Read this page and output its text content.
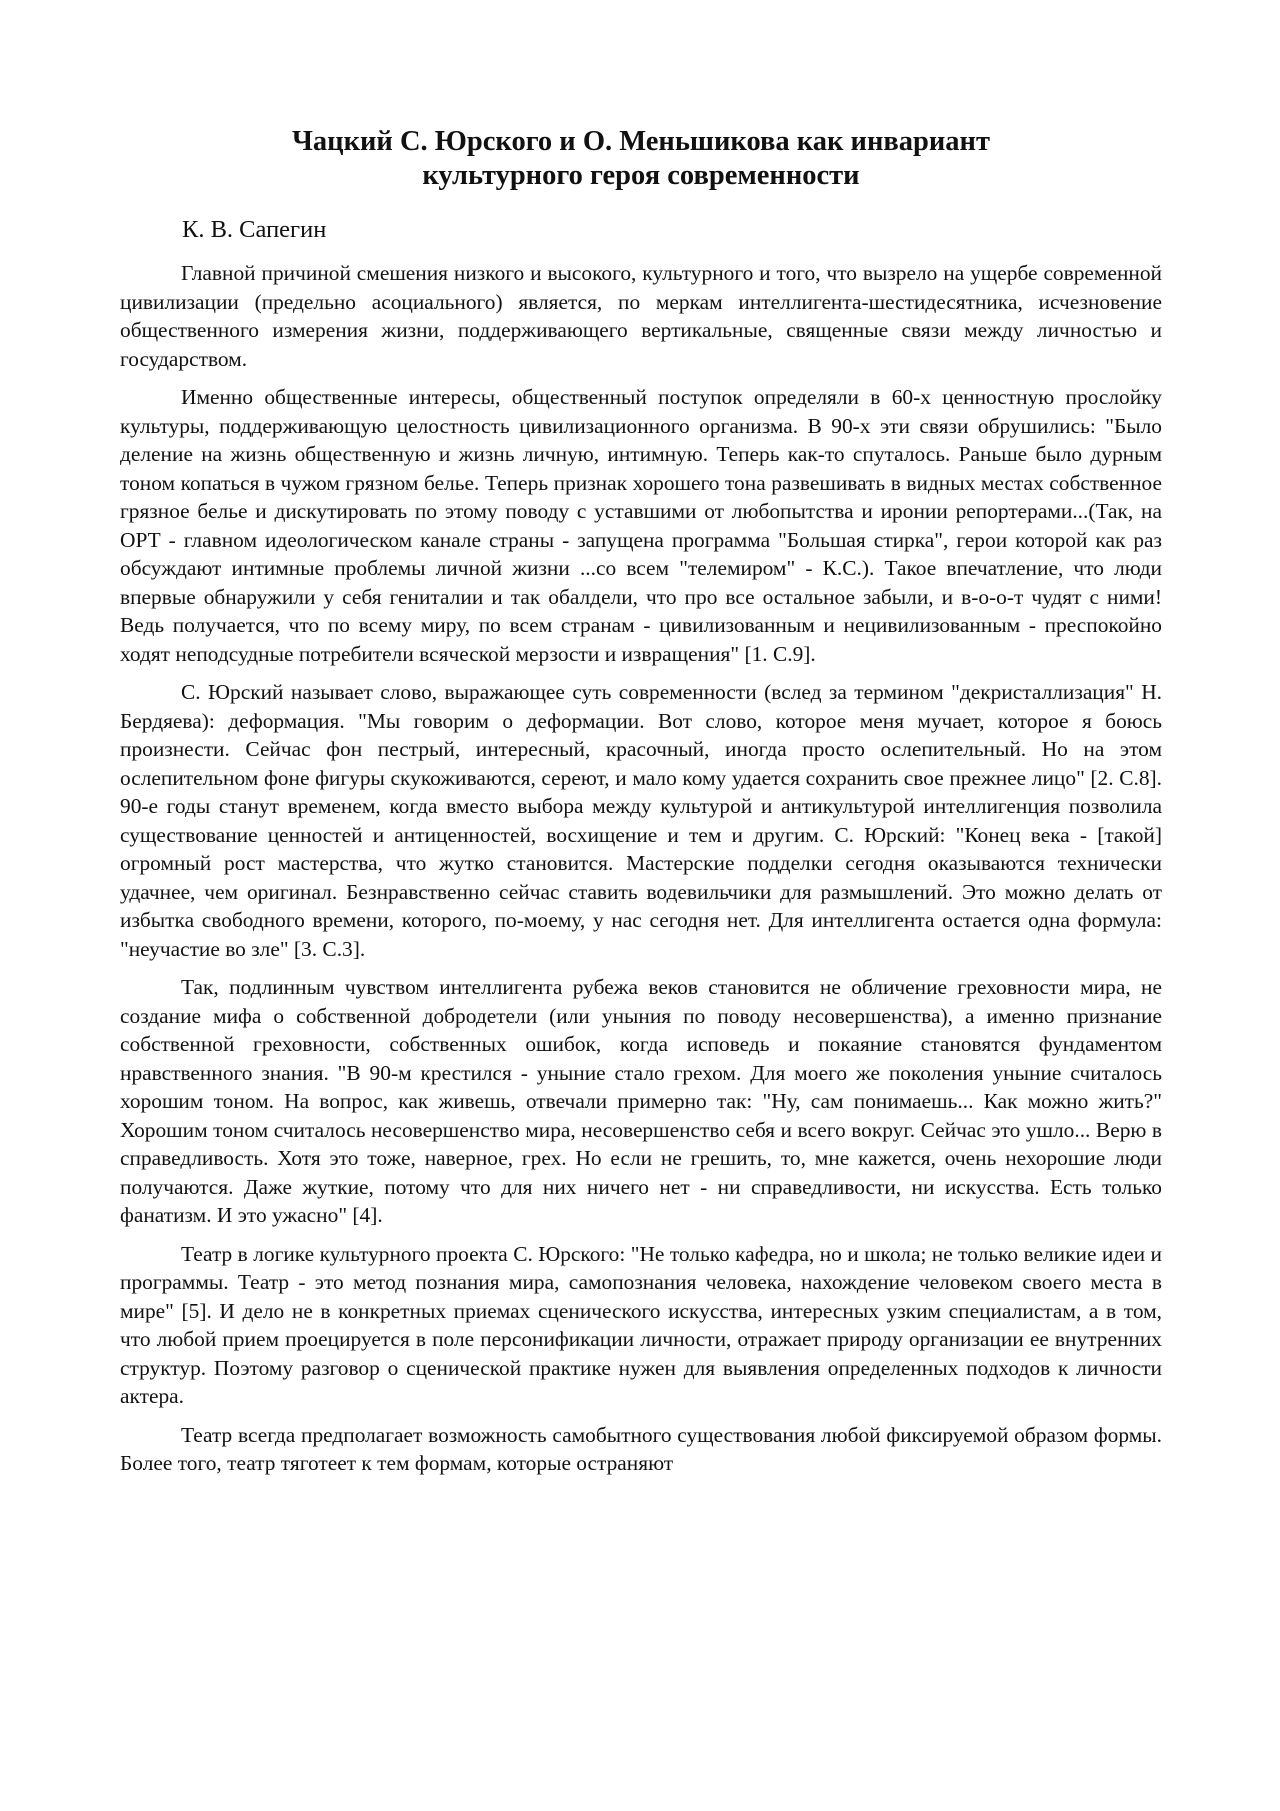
Чацкий С. Юрского и О. Меньшикова как инвариант
культурного героя современности
К. В. Сапегин

Главной причиной смешения низкого и высокого, культурного и того, что вызрело на ущербе современной цивилизации (предельно асоциального) является, по меркам интеллигента-шестидесятника, исчезновение общественного измерения жизни, поддерживающего вертикальные, священные связи между личностью и государством.

Именно общественные интересы, общественный поступок определяли в 60-х ценностную прослойку культуры, поддерживающую целостность цивилизационного организма. В 90-х эти связи обрушились: "Было деление на жизнь общественную и жизнь личную, интимную. Теперь как-то спуталось. Раньше было дурным тоном копаться в чужом грязном белье. Теперь признак хорошего тона развешивать в видных местах собственное грязное белье и дискутировать по этому поводу с уставшими от любопытства и иронии репортерами...(Так, на ОРТ - главном идеологическом канале страны - запущена программа "Большая стирка", герои которой как раз обсуждают интимные проблемы личной жизни ...со всем "телемиром" - К.С.). Такое впечатление, что люди впервые обнаружили у себя гениталии и так обалдели, что про все остальное забыли, и в-о-о-т чудят с ними! Ведь получается, что по всему миру, по всем странам - цивилизованным и нецивилизованным - преспокойно ходят неподсудные потребители всяческой мерзости и извращения" [1. С.9].

С. Юрский называет слово, выражающее суть современности (вслед за термином "декристаллизация" Н. Бердяева): деформация. "Мы говорим о деформации. Вот слово, которое меня мучает, которое я боюсь произнести. Сейчас фон пестрый, интересный, красочный, иногда просто ослепительный. Но на этом ослепительном фоне фигуры скукоживаются, сереют, и мало кому удается сохранить свое прежнее лицо" [2. С.8]. 90-е годы станут временем, когда вместо выбора между культурой и антикультурой интеллигенция позволила существование ценностей и антиценностей, восхищение и тем и другим. С. Юрский: "Конец века - [такой] огромный рост мастерства, что жутко становится. Мастерские подделки сегодня оказываются технически удачнее, чем оригинал. Безнравственно сейчас ставить водевильчики для размышлений. Это можно делать от избытка свободного времени, которого, по-моему, у нас сегодня нет. Для интеллигента остается одна формула: "неучастие во зле" [3. С.3].

Так, подлинным чувством интеллигента рубежа веков становится не обличение греховности мира, не создание мифа о собственной добродетели (или уныния по поводу несовершенства), а именно признание собственной греховности, собственных ошибок, когда исповедь и покаяние становятся фундаментом нравственного знания. "В 90-м крестился - уныние стало грехом. Для моего же поколения уныние считалось хорошим тоном. На вопрос, как живешь, отвечали примерно так: "Ну, сам понимаешь... Как можно жить?" Хорошим тоном считалось несовершенство мира, несовершенство себя и всего вокруг. Сейчас это ушло... Верю в справедливость. Хотя это тоже, наверное, грех. Но если не грешить, то, мне кажется, очень нехорошие люди получаются. Даже жуткие, потому что для них ничего нет - ни справедливости, ни искусства. Есть только фанатизм. И это ужасно" [4].

Театр в логике культурного проекта С. Юрского: "Не только кафедра, но и школа; не только великие идеи и программы. Театр - это метод познания мира, самопознания человека, нахождение человеком своего места в мире" [5]. И дело не в конкретных приемах сценического искусства, интересных узким специалистам, а в том, что любой прием проецируется в поле персонификации личности, отражает природу организации ее внутренних структур. Поэтому разговор о сценической практике нужен для выявления определенных подходов к личности актера.

Театр всегда предполагает возможность самобытного существования любой фиксируемой образом формы. Более того, театр тяготеет к тем формам, которые остраняют
